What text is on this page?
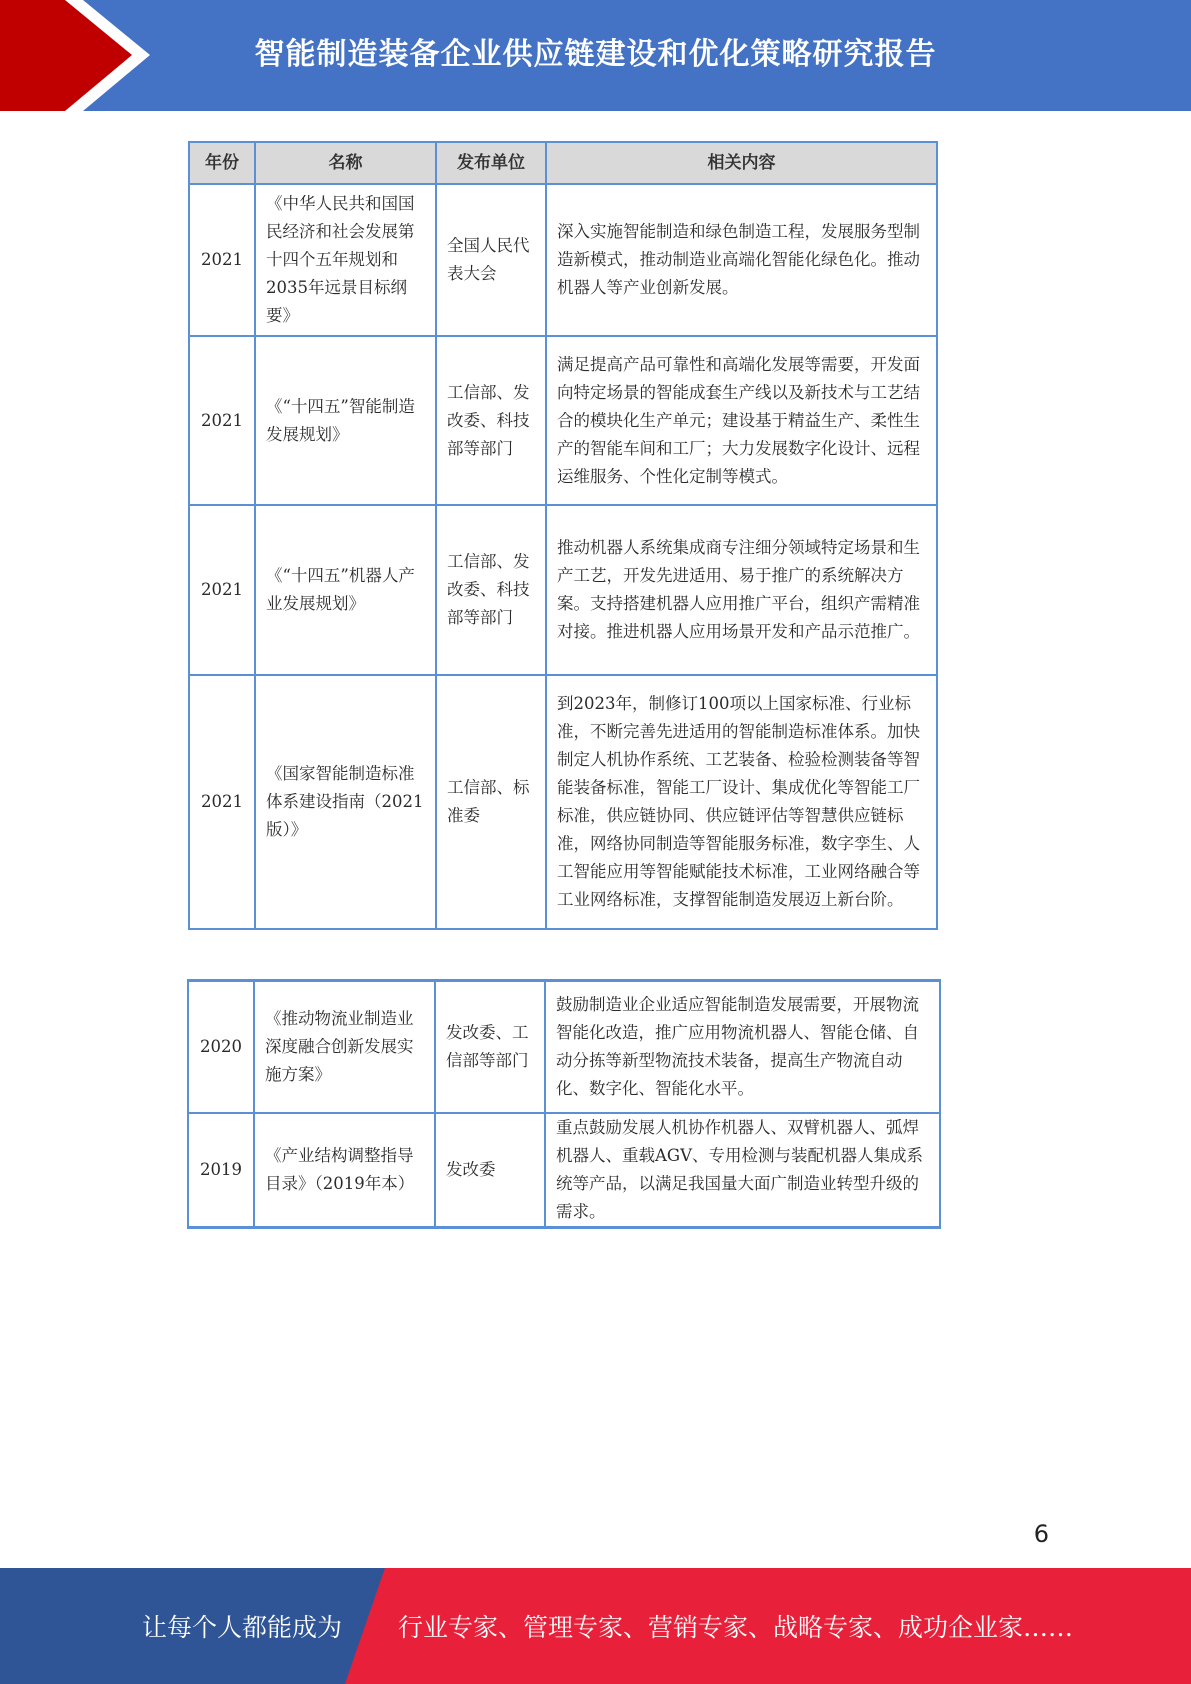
智能制造装备企业供应链建设和优化策略研究报告
年份	名称	发布单位	相关内容
2021	《中华人民共和国国民经济和社会发展第十四个五年规划和2035年远景目标纲要》	全国人民代表大会	深入实施智能制造和绿色制造工程，发展服务型制造新模式，推动制造业高端化智能化绿色化。推动机器人等产业创新发展。
2021	《“十四五”智能制造发展规划》	工信部、发改委、科技部等部门	满足提高产品可靠性和高端化发展等需要，开发面向特定场景的智能成套生产线以及新技术与工艺结合的模块化生产单元；建设基于精益生产、柔性生产的智能车间和工厂；大力发展数字化设计、远程运维服务、个性化定制等模式。
2021	《“十四五”机器人产业发展规划》	工信部、发改委、科技部等部门	推动机器人系统集成商专注细分领域特定场景和生产工艺，开发先进适用、易于推广的系统解决方案。支持搭建机器人应用推广平台，组织产需精准对接。推进机器人应用场景开发和产品示范推广。
2021	《国家智能制造标准体系建设指南（2021版）》	工信部、标准委	到2023年，制修订100项以上国家标准、行业标准，不断完善先进适用的智能制造标准体系。加快制定人机协作系统、工艺装备、检验检测装备等智能装备标准，智能工厂设计、集成优化等智能工厂标准，供应链协同、供应链评估等智慧供应链标准，网络协同制造等智能服务标准，数字孪生、人工智能应用等智能赋能技术标准，工业网络融合等工业网络标准，支撑智能制造发展迈上新台阶。
2020	《推动物流业制造业深度融合创新发展实施方案》	发改委、工信部等部门	鼓励制造业企业适应智能制造发展需要，开展物流智能化改造，推广应用物流机器人、智能仓储、自动分拣等新型物流技术装备，提高生产物流自动化、数字化、智能化水平。
2019	《产业结构调整指导目录》（2019年本）	发改委	重点鼓励发展人机协作机器人、双臂机器人、弧焊机器人、重载AGV、专用检测与装配机器人集成系统等产品，以满足我国量大面广制造业转型升级的需求。
6
让每个人都能成为 行业专家、管理专家、营销专家、战略专家、成功企业家……
